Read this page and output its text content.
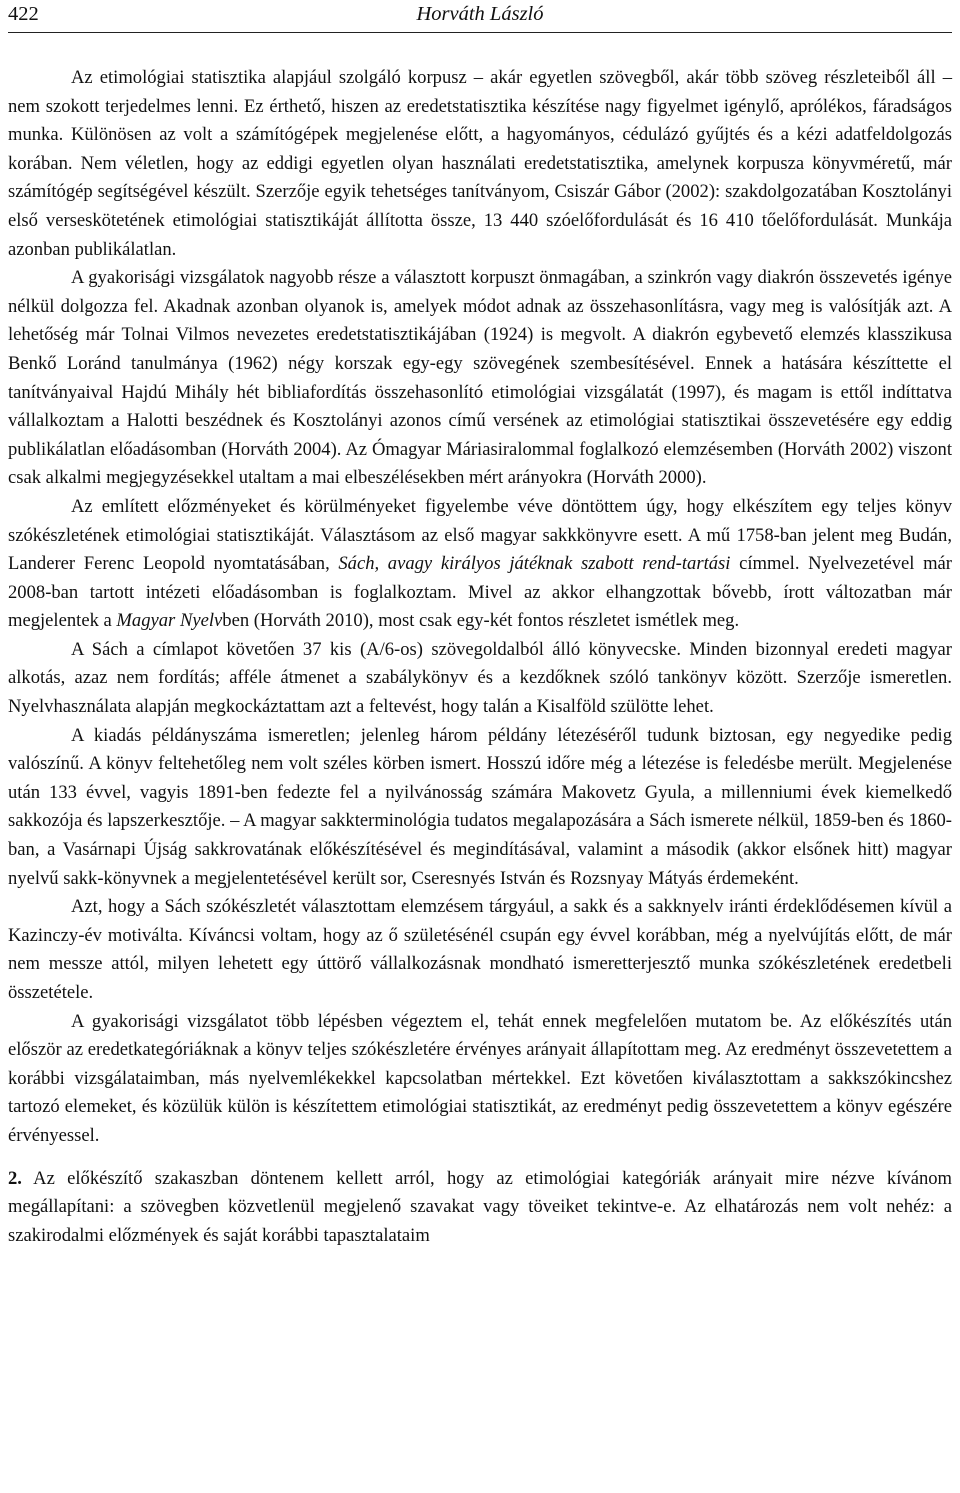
422	Horváth László

Az etimológiai statisztika alapjául szolgáló korpusz – akár egyetlen szövegből, akár több szöveg részleteiből áll – nem szokott terjedelmes lenni. Ez érthető, hiszen az eredetstatisztika készítése nagy figyelmet igénylő, aprólékos, fáradságos munka. Különösen az volt a számítógépek megjelenése előtt, a hagyományos, cédulázó gyűjtés és a kézi adatfeldolgozás korában. Nem véletlen, hogy az eddigi egyetlen olyan használati eredetstatisztika, amelynek korpusza könyvméretű, már számítógép segítségével készült. Szerzője egyik tehetséges tanítványom, Csiszár Gábor (2002): szakdolgozatában Kosztolányi első verseskötetének etimológiai statisztikáját állította össze, 13 440 szóelőfordulását és 16 410 tőelőfordulását. Munkája azonban publikálatlan.

A gyakorisági vizsgálatok nagyobb része a választott korpuszt önmagában, a szinkrón vagy diakrón összevetés igénye nélkül dolgozza fel. Akadnak azonban olyanok is, amelyek módot adnak az összehasonlításra, vagy meg is valósítják azt. A lehetőség már Tolnai Vilmos nevezetes eredetstatisztikájában (1924) is megvolt. A diakrón egybevető elemzés klasszikusa Benkő Loránd tanulmánya (1962) négy korszak egy-egy szövegének szembesítésével. Ennek a hatására készíttette el tanítványaival Hajdú Mihály hét bibliafordítás összehasonlító etimológiai vizsgálatát (1997), és magam is ettől indíttatva vállalkoztam a Halotti beszédnek és Kosztolányi azonos című versének az etimológiai statisztikai összevetésére egy eddig publikálatlan előadásomban (Horváth 2004). Az Ómagyar Máriasiralommal foglalkozó elemzésemben (Horváth 2002) viszont csak alkalmi megjegyzésekkel utaltam a mai elbeszélésekben mért arányokra (Horváth 2000).

Az említett előzményeket és körülményeket figyelembe véve döntöttem úgy, hogy elkészítem egy teljes könyv szókészletének etimológiai statisztikáját. Választásom az első magyar sakkkönyvre esett. A mű 1758-ban jelent meg Budán, Landerer Ferenc Leopold nyomtatásában, Sách, avagy királyos játéknak szabott rend-tartási címmel. Nyelvezetével már 2008-ban tartott intézeti előadásomban is foglalkoztam. Mivel az akkor elhangzottak bővebb, írott változatban már megjelentek a Magyar Nyelvben (Horváth 2010), most csak egy-két fontos részletet ismétlek meg.

A Sách a címlapot követően 37 kis (A/6-os) szövegoldalból álló könyvecske. Minden bizonnyal eredeti magyar alkotás, azaz nem fordítás; afféle átmenet a szabálykönyv és a kezdőknek szóló tankönyv között. Szerzője ismeretlen. Nyelvhasználata alapján megkockáztattam azt a feltevést, hogy talán a Kisalföld szülötte lehet.

A kiadás példányszáma ismeretlen; jelenleg három példány létezéséről tudunk biztosan, egy negyedike pedig valószínű. A könyv feltehetőleg nem volt széles körben ismert. Hosszú időre még a létezése is feledésbe merült. Megjelenése után 133 évvel, vagyis 1891-ben fedezte fel a nyilvánosság számára Makovetz Gyula, a millenniumi évek kiemelkedő sakkozója és lapszerkesztője. – A magyar sakkterminológia tudatos megalapozására a Sách ismerete nélkül, 1859-ben és 1860-ban, a Vasárnapi Újság sakkrovatának előkészítésével és megindításával, valamint a második (akkor elsőnek hitt) magyar nyelvű sakk-könyvnek a megjelentetésével került sor, Cseresnyés István és Rozsnyay Mátyás érdemeként.

Azt, hogy a Sách szókészletét választottam elemzésem tárgyául, a sakk és a sakknyelv iránti érdeklődésemen kívül a Kazinczy-év motiválta. Kíváncsi voltam, hogy az ő születésénél csupán egy évvel korábban, még a nyelvújítás előtt, de már nem messze attól, milyen lehetett egy úttörő vállalkozásnak mondható ismeretterjesztő munka szókészletének eredetbeli összetétele.

A gyakorisági vizsgálatot több lépésben végeztem el, tehát ennek megfelelően mutatom be. Az előkészítés után először az eredetkategóriáknak a könyv teljes szókészletére érvényes arányait állapítottam meg. Az eredményt összevetettem a korábbi vizsgálataimban, más nyelvemlékekkel kapcsolatban mértekkel. Ezt követően kiválasztottam a sakkszókincshez tartozó elemeket, és közülük külön is készítettem etimológiai statisztikát, az eredményt pedig összevetettem a könyv egészére érvényessel.

2. Az előkészítő szakaszban döntenem kellett arról, hogy az etimológiai kategóriák arányait mire nézve kívánom megállapítani: a szövegben közvetlenül megjelenő szavakat vagy töveiket tekintve-e. Az elhatározás nem volt nehéz: a szakirodalmi előzmények és saját korábbi tapasztalataim
